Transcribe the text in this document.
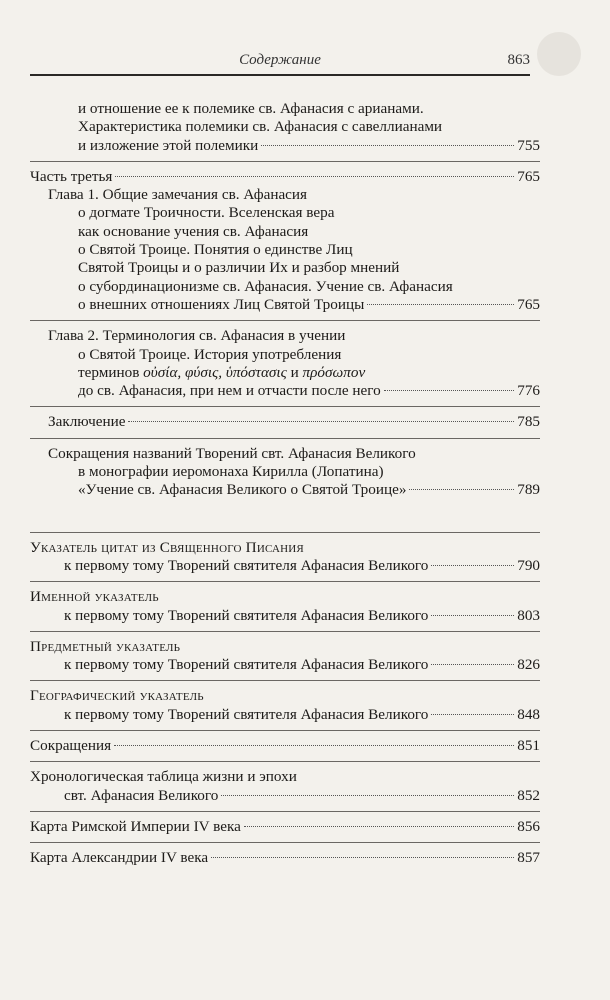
Содержание	863
и отношение ее к полемике св. Афанасия с арианами.
Характеристика полемики св. Афанасия с савеллианами
и изложение этой полемики	755
Часть третья	765
Глава 1. Общие замечания св. Афанасия
о догмате Троичности. Вселенская вера
как основание учения св. Афанасия
о Святой Троице. Понятия о единстве Лиц
Святой Троицы и о различии Их и разбор мнений
о субординационизме св. Афанасия. Учение св. Афанасия
о внешних отношениях Лиц Святой Троицы	765
Глава 2. Терминология св. Афанасия в учении
о Святой Троице. История употребления
терминов οὐσία, φύσις, ὑπόστασις и πρόσωπον
до св. Афанасия, при нем и отчасти после него	776
Заключение	785
Сокращения названий Творений свт. Афанасия Великого
в монографии иеромонаха Кирилла (Лопатина)
«Учение св. Афанасия Великого о Святой Троице»	789
Указатель цитат из Священного Писания
к первому тому Творений святителя Афанасия Великого	790
Именной указатель
к первому тому Творений святителя Афанасия Великого	803
Предметный указатель
к первому тому Творений святителя Афанасия Великого	826
Географический указатель
к первому тому Творений святителя Афанасия Великого	848
Сокращения	851
Хронологическая таблица жизни и эпохи
свт. Афанасия Великого	852
Карта Римской Империи IV века	856
Карта Александрии IV века	857
